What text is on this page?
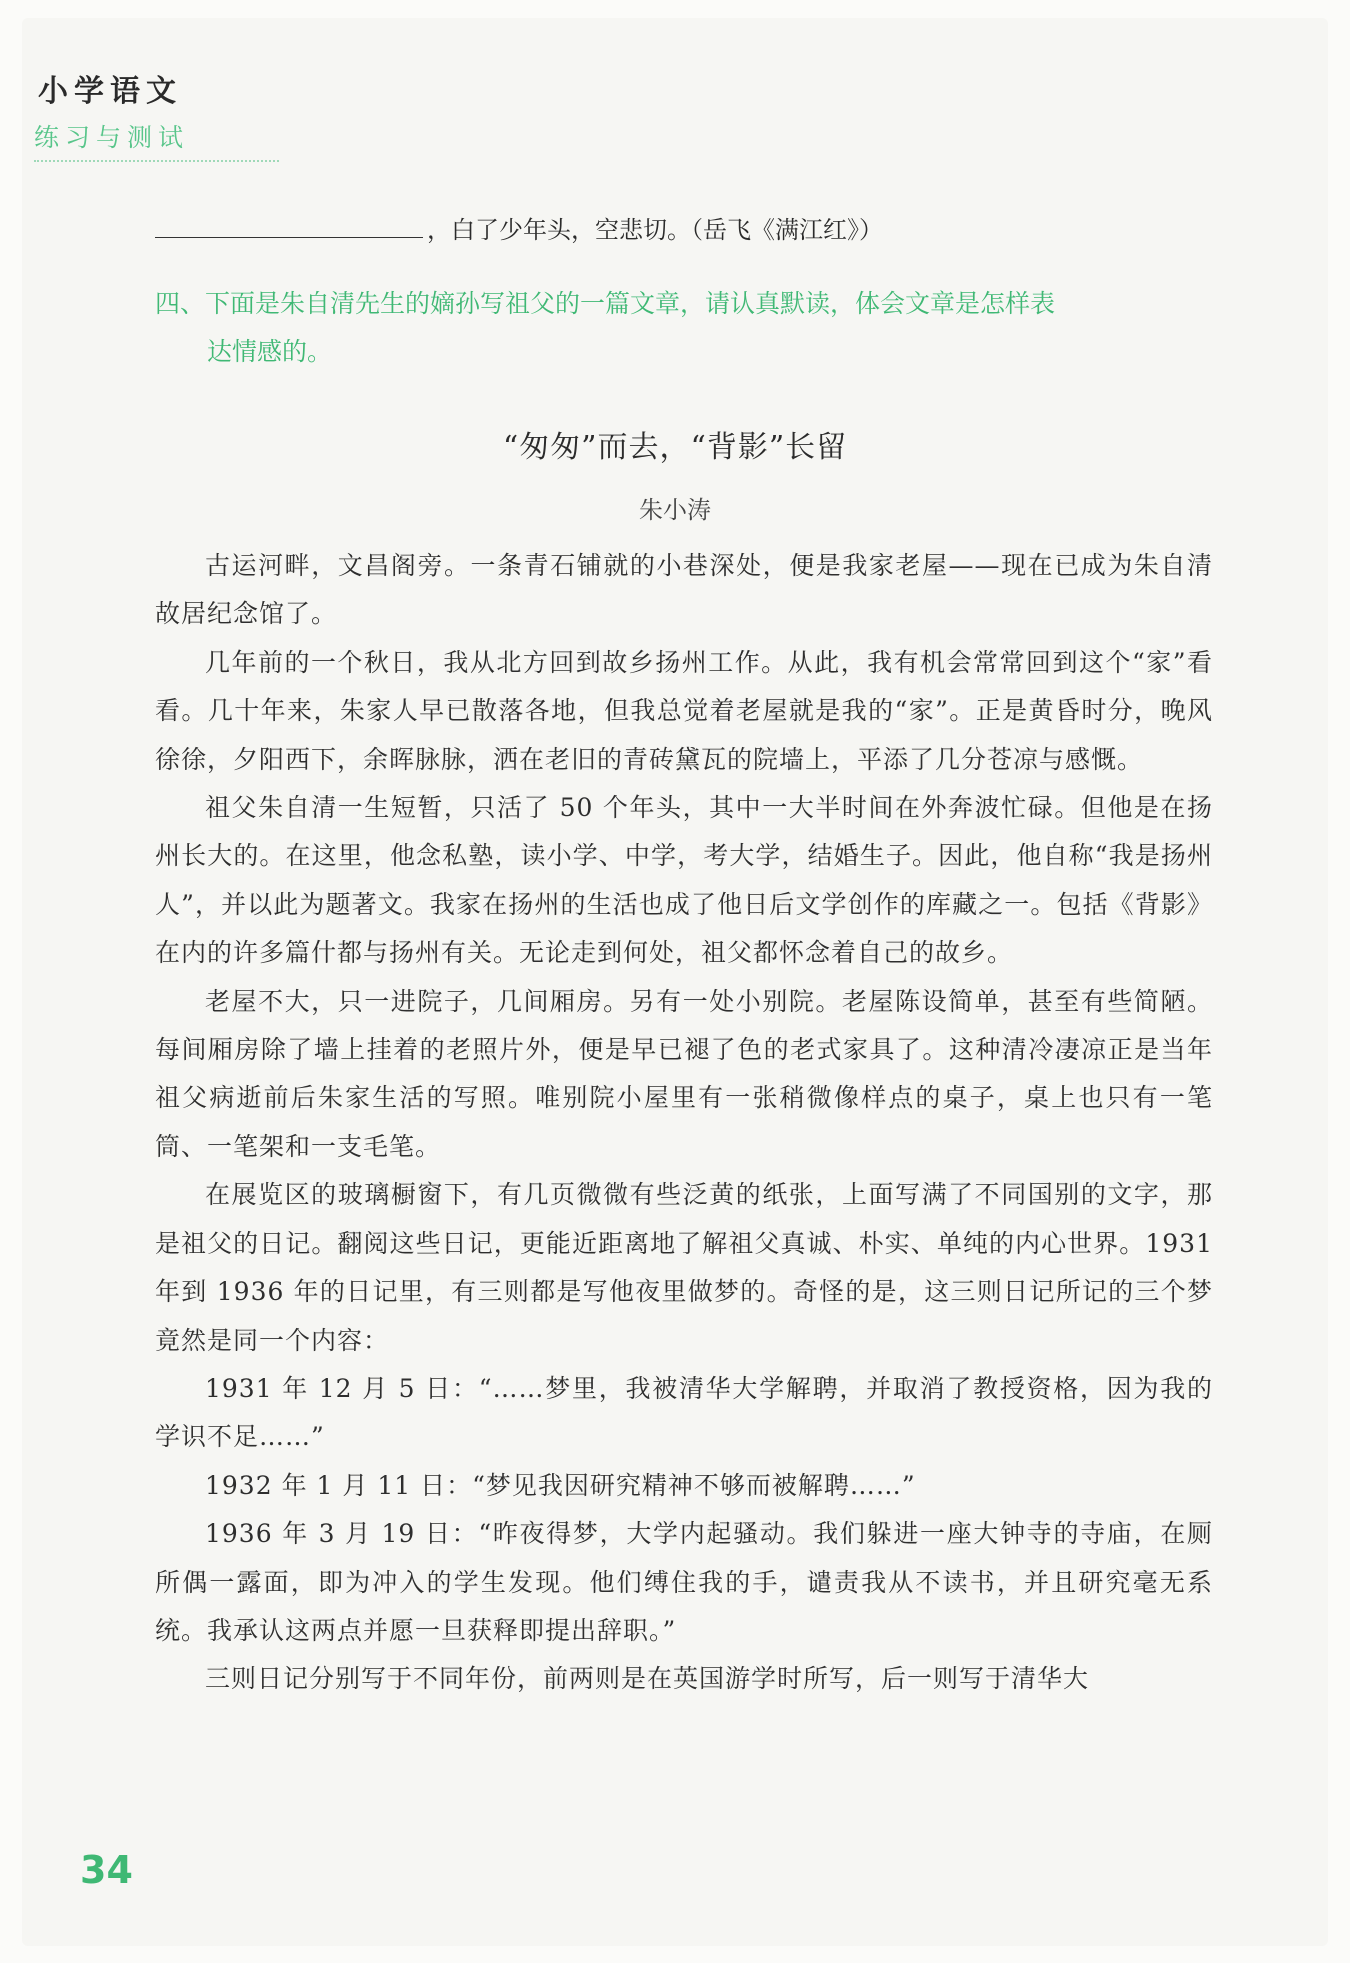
小学语文
练习与测试
，白了少年头，空悲切。（岳飞《满江红》）
四、下面是朱自清先生的嫡孙写祖父的一篇文章，请认真默读，体会文章是怎样表
达情感的。
“匆匆”而去，“背影”长留
朱小涛

古运河畔，文昌阁旁。一条青石铺就的小巷深处，便是我家老屋——现在已成为朱自清故居纪念馆了。

几年前的一个秋日，我从北方回到故乡扬州工作。从此，我有机会常常回到这个“家”看看。几十年来，朱家人早已散落各地，但我总觉着老屋就是我的“家”。正是黄昏时分，晚风徐徐，夕阳西下，余晖脉脉，洒在老旧的青砖黛瓦的院墙上，平添了几分苍凉与感慨。

祖父朱自清一生短暂，只活了 50 个年头，其中一大半时间在外奔波忙碌。但他是在扬州长大的。在这里，他念私塾，读小学、中学，考大学，结婚生子。因此，他自称“我是扬州人”，并以此为题著文。我家在扬州的生活也成了他日后文学创作的库藏之一。包括《背影》在内的许多篇什都与扬州有关。无论走到何处，祖父都怀念着自己的故乡。

老屋不大，只一进院子，几间厢房。另有一处小别院。老屋陈设简单，甚至有些简陋。每间厢房除了墙上挂着的老照片外，便是早已褪了色的老式家具了。这种清冷凄凉正是当年祖父病逝前后朱家生活的写照。唯别院小屋里有一张稍微像样点的桌子，桌上也只有一笔筒、一笔架和一支毛笔。

在展览区的玻璃橱窗下，有几页微微有些泛黄的纸张，上面写满了不同国别的文字，那是祖父的日记。翻阅这些日记，更能近距离地了解祖父真诚、朴实、单纯的内心世界。1931 年到 1936 年的日记里，有三则都是写他夜里做梦的。奇怪的是，这三则日记所记的三个梦竟然是同一个内容：

1931 年 12 月 5 日：“……梦里，我被清华大学解聘，并取消了教授资格，因为我的学识不足……”

1932 年 1 月 11 日：“梦见我因研究精神不够而被解聘……”

1936 年 3 月 19 日：“昨夜得梦，大学内起骚动。我们躲进一座大钟寺的寺庙，在厕所偶一露面，即为冲入的学生发现。他们缚住我的手，谴责我从不读书，并且研究毫无系统。我承认这两点并愿一旦获释即提出辞职。”

三则日记分别写于不同年份，前两则是在英国游学时所写，后一则写于清华大

34
